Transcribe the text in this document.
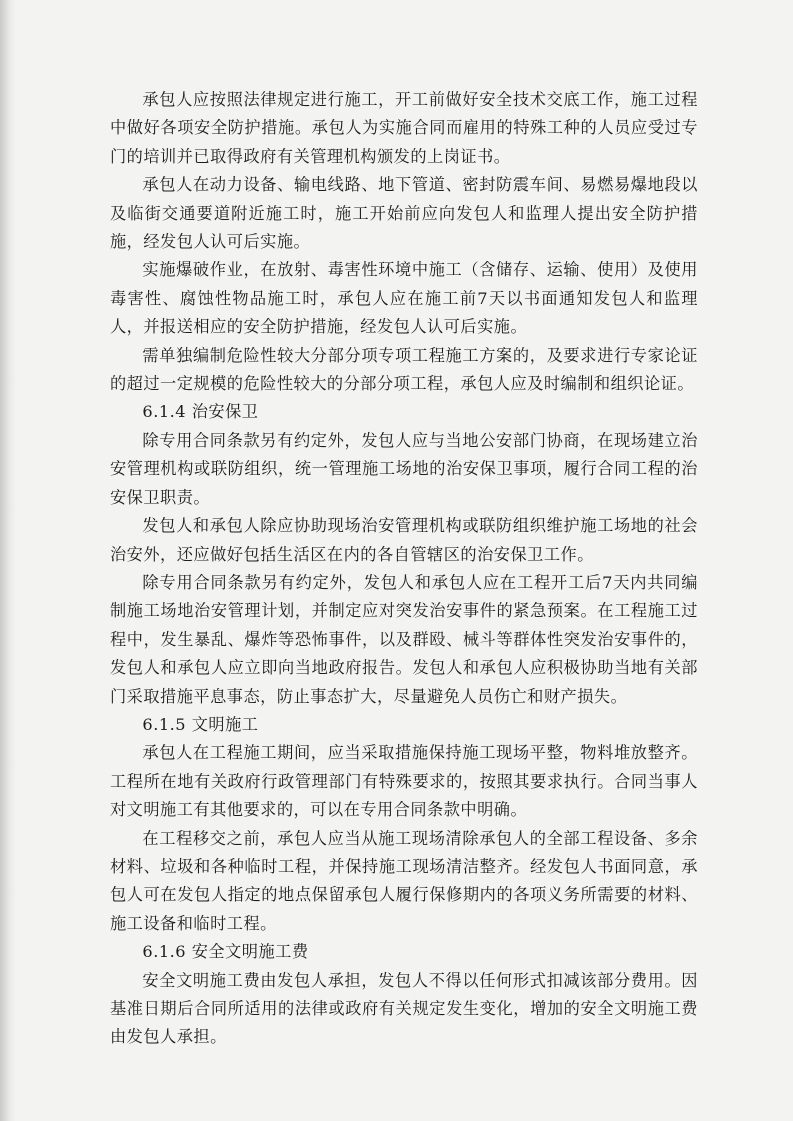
承包人应按照法律规定进行施工，开工前做好安全技术交底工作，施工过程中做好各项安全防护措施。承包人为实施合同而雇用的特殊工种的人员应受过专门的培训并已取得政府有关管理机构颁发的上岗证书。

承包人在动力设备、输电线路、地下管道、密封防震车间、易燃易爆地段以及临街交通要道附近施工时，施工开始前应向发包人和监理人提出安全防护措施，经发包人认可后实施。

实施爆破作业，在放射、毒害性环境中施工（含储存、运输、使用）及使用毒害性、腐蚀性物品施工时，承包人应在施工前7天以书面通知发包人和监理人，并报送相应的安全防护措施，经发包人认可后实施。

需单独编制危险性较大分部分项专项工程施工方案的，及要求进行专家论证的超过一定规模的危险性较大的分部分项工程，承包人应及时编制和组织论证。

6.1.4 治安保卫

除专用合同条款另有约定外，发包人应与当地公安部门协商，在现场建立治安管理机构或联防组织，统一管理施工场地的治安保卫事项，履行合同工程的治安保卫职责。

发包人和承包人除应协助现场治安管理机构或联防组织维护施工场地的社会治安外，还应做好包括生活区在内的各自管辖区的治安保卫工作。

除专用合同条款另有约定外，发包人和承包人应在工程开工后7天内共同编制施工场地治安管理计划，并制定应对突发治安事件的紧急预案。在工程施工过程中，发生暴乱、爆炸等恐怖事件，以及群殴、械斗等群体性突发治安事件的，发包人和承包人应立即向当地政府报告。发包人和承包人应积极协助当地有关部门采取措施平息事态，防止事态扩大，尽量避免人员伤亡和财产损失。

6.1.5 文明施工

承包人在工程施工期间，应当采取措施保持施工现场平整，物料堆放整齐。工程所在地有关政府行政管理部门有特殊要求的，按照其要求执行。合同当事人对文明施工有其他要求的，可以在专用合同条款中明确。

在工程移交之前，承包人应当从施工现场清除承包人的全部工程设备、多余材料、垃圾和各种临时工程，并保持施工现场清洁整齐。经发包人书面同意，承包人可在发包人指定的地点保留承包人履行保修期内的各项义务所需要的材料、施工设备和临时工程。

6.1.6 安全文明施工费

安全文明施工费由发包人承担，发包人不得以任何形式扣减该部分费用。因基准日期后合同所适用的法律或政府有关规定发生变化，增加的安全文明施工费由发包人承担。
